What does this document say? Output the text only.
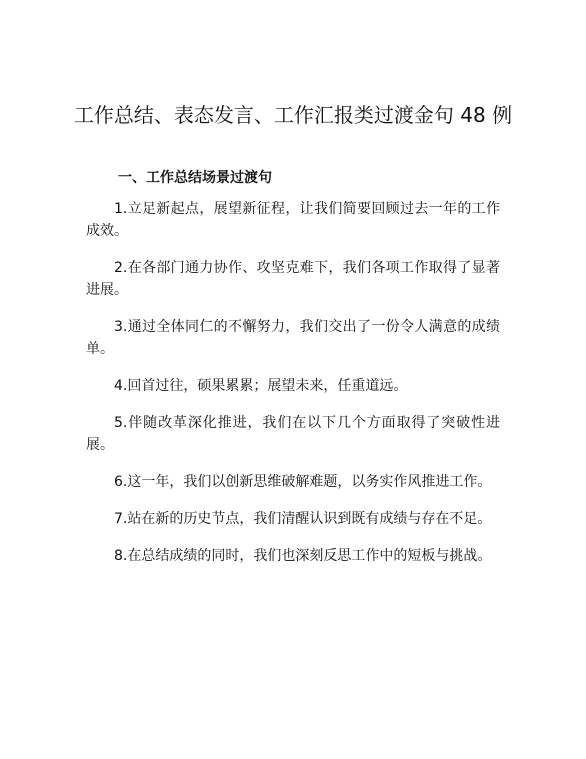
工作总结、表态发言、工作汇报类过渡金句 48 例
一、工作总结场景过渡句

1.立足新起点，展望新征程，让我们简要回顾过去一年的工作成效。

2.在各部门通力协作、攻坚克难下，我们各项工作取得了显著进展。

3.通过全体同仁的不懈努力，我们交出了一份令人满意的成绩单。

4.回首过往，硕果累累；展望未来，任重道远。

5.伴随改革深化推进，我们在以下几个方面取得了突破性进展。

6.这一年，我们以创新思维破解难题，以务实作风推进工作。

7.站在新的历史节点，我们清醒认识到既有成绩与存在不足。

8.在总结成绩的同时，我们也深刻反思工作中的短板与挑战。
